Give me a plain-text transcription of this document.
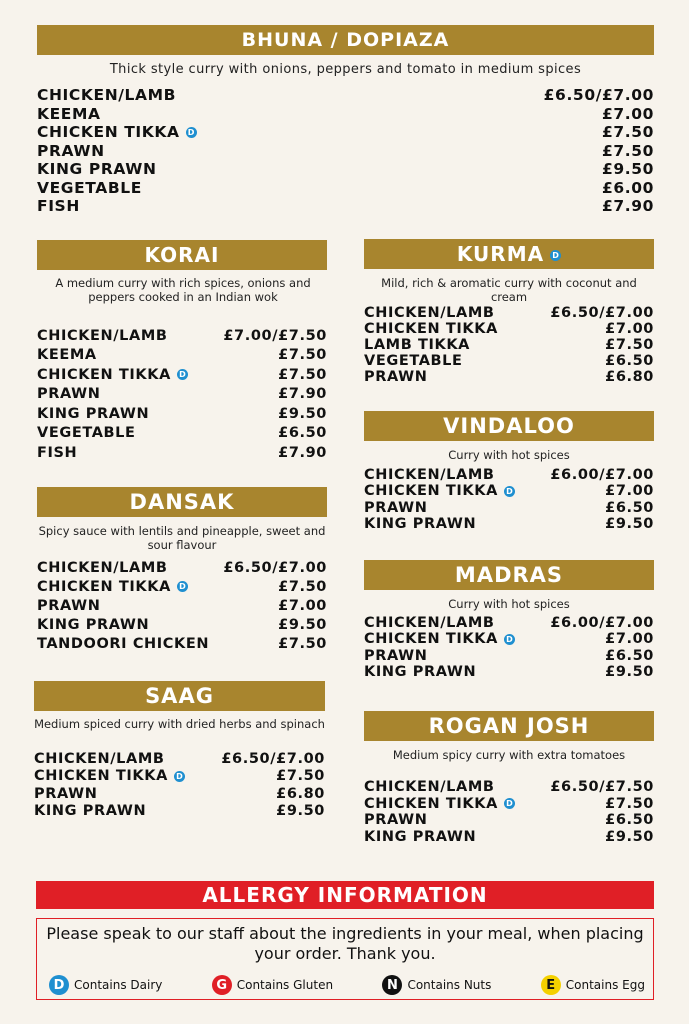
BHUNA / DOPIAZA
Thick style curry with onions, peppers and tomato in medium spices
CHICKEN/LAMB	£6.50/£7.00
KEEMA	£7.00
CHICKEN TIKKA D	£7.50
PRAWN	£7.50
KING PRAWN	£9.50
VEGETABLE	£6.00
FISH	£7.90
KORAI
A medium curry with rich spices, onions and peppers cooked in an Indian wok
CHICKEN/LAMB	£7.00/£7.50
KEEMA	£7.50
CHICKEN TIKKA D	£7.50
PRAWN	£7.90
KING PRAWN	£9.50
VEGETABLE	£6.50
FISH	£7.90
DANSAK
Spicy sauce with lentils and pineapple, sweet and sour flavour
CHICKEN/LAMB	£6.50/£7.00
CHICKEN TIKKA D	£7.50
PRAWN	£7.00
KING PRAWN	£9.50
TANDOORI CHICKEN	£7.50
SAAG
Medium spiced curry with dried herbs and spinach
CHICKEN/LAMB	£6.50/£7.00
CHICKEN TIKKA D	£7.50
PRAWN	£6.80
KING PRAWN	£9.50
KURMA D
Mild, rich & aromatic curry with coconut and cream
CHICKEN/LAMB	£6.50/£7.00
CHICKEN TIKKA	£7.00
LAMB TIKKA	£7.50
VEGETABLE	£6.50
PRAWN	£6.80
VINDALOO
Curry with hot spices
CHICKEN/LAMB	£6.00/£7.00
CHICKEN TIKKA D	£7.00
PRAWN	£6.50
KING PRAWN	£9.50
MADRAS
Curry with hot spices
CHICKEN/LAMB	£6.00/£7.00
CHICKEN TIKKA D	£7.00
PRAWN	£6.50
KING PRAWN	£9.50
ROGAN JOSH
Medium spicy curry with extra tomatoes
CHICKEN/LAMB	£6.50/£7.50
CHICKEN TIKKA D	£7.50
PRAWN	£6.50
KING PRAWN	£9.50
ALLERGY INFORMATION
Please speak to our staff about the ingredients in your meal, when placing your order. Thank you.
D Contains Dairy	G Contains Gluten	N Contains Nuts	E Contains Egg
